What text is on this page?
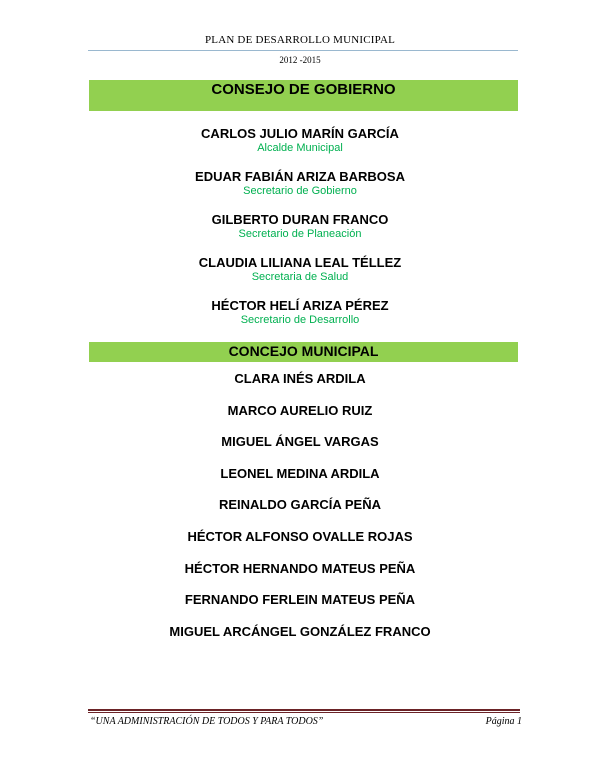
PLAN DE DESARROLLO MUNICIPAL
2012 -2015
CONSEJO DE GOBIERNO
CARLOS JULIO MARÍN GARCÍA
Alcalde Municipal
EDUAR FABIÁN ARIZA BARBOSA
Secretario de Gobierno
GILBERTO DURAN FRANCO
Secretario de Planeación
CLAUDIA LILIANA LEAL TÉLLEZ
Secretaria de Salud
HÉCTOR HELÍ ARIZA PÉREZ
Secretario de Desarrollo
CONCEJO MUNICIPAL
CLARA INÉS ARDILA
MARCO AURELIO RUIZ
MIGUEL ÁNGEL VARGAS
LEONEL MEDINA ARDILA
REINALDO GARCÍA PEÑA
HÉCTOR ALFONSO OVALLE ROJAS
HÉCTOR HERNANDO MATEUS PEÑA
FERNANDO FERLEIN MATEUS PEÑA
MIGUEL ARCÁNGEL GONZÁLEZ FRANCO
“UNA ADMINISTRACIÓN DE TODOS Y PARA TODOS”	Página 1
